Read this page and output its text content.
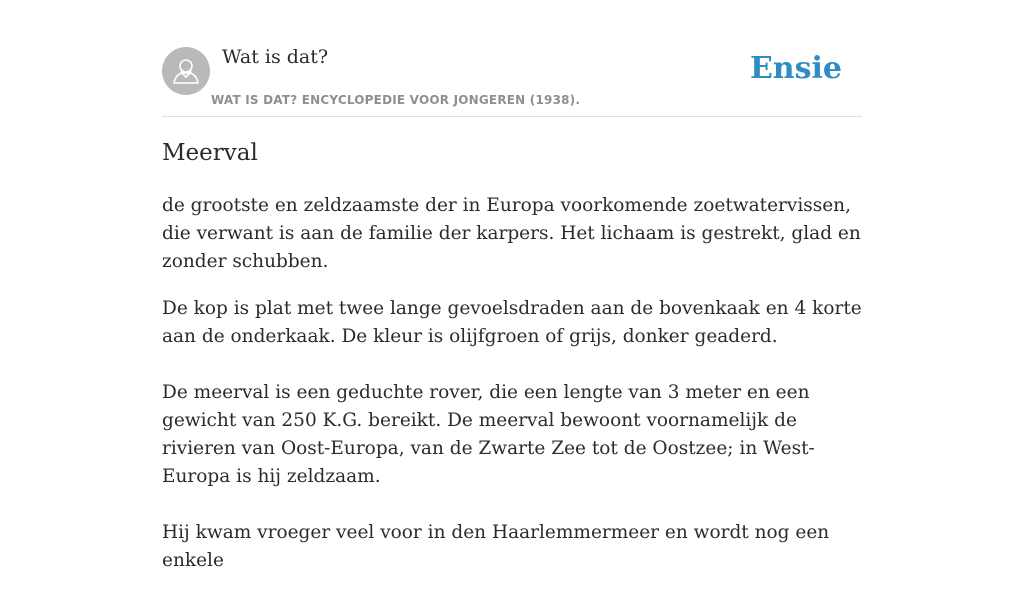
Wat is dat?
WAT IS DAT? ENCYCLOPEDIE VOOR JONGEREN (1938).
Ensie
Meerval

de grootste en zeldzaamste der in Europa voorkomende zoetwatervissen, die verwant is aan de familie der karpers. Het lichaam is gestrekt, glad en zonder schubben.

De kop is plat met twee lange gevoelsdraden aan de bovenkaak en 4 korte aan de onderkaak. De kleur is olijfgroen of grijs, donker geaderd.

De meerval is een geduchte rover, die een lengte van 3 meter en een gewicht van 250 K.G. bereikt. De meerval bewoont voornamelijk de rivieren van Oost-Europa, van de Zwarte Zee tot de Oostzee; in West-Europa is hij zeldzaam.

Hij kwam vroeger veel voor in den Haarlemmermeer en wordt nog een enkele
